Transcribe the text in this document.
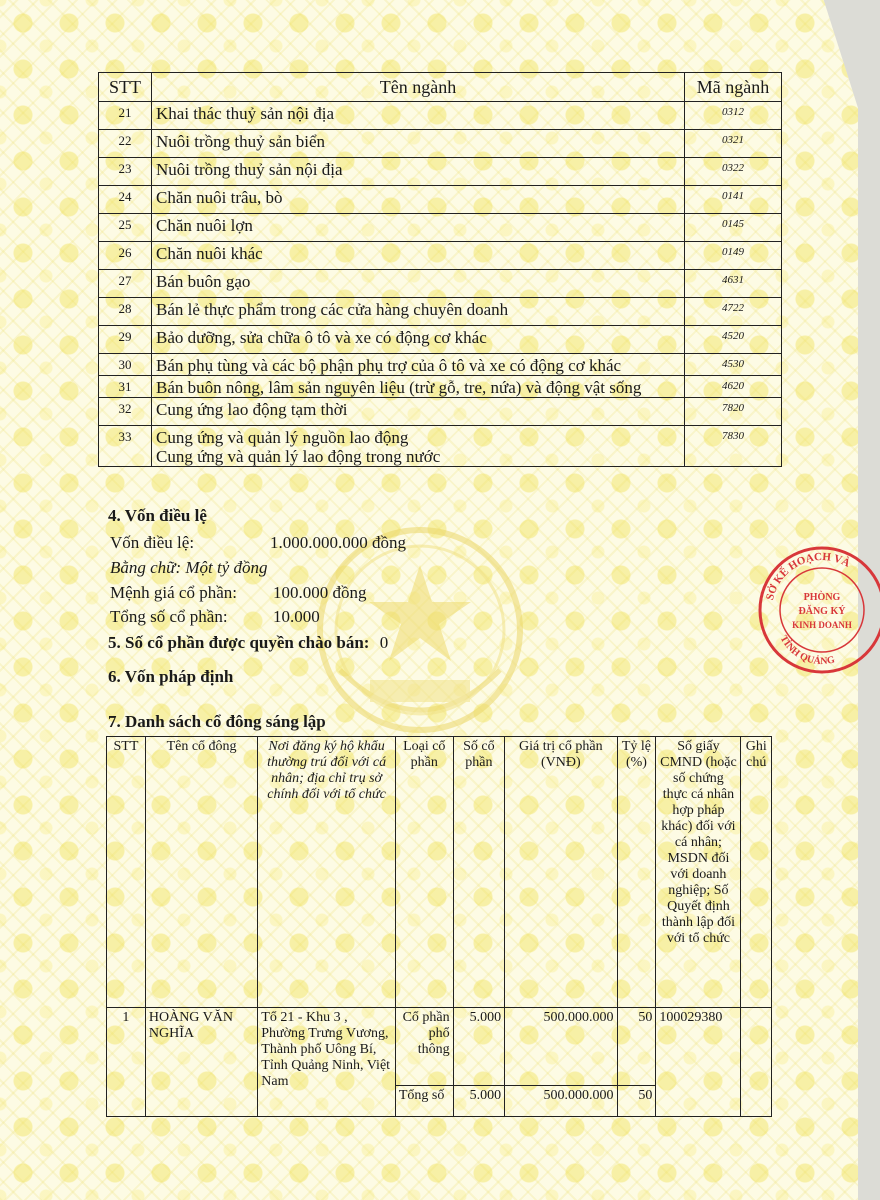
STT	Tên ngành	Mã ngành
21	Khai thác thuỷ sản nội địa	0312
22	Nuôi trồng thuỷ sản biển	0321
23	Nuôi trồng thuỷ sản nội địa	0322
24	Chăn nuôi trâu, bò	0141
25	Chăn nuôi lợn	0145
26	Chăn nuôi khác	0149
27	Bán buôn gạo	4631
28	Bán lẻ thực phẩm trong các cửa hàng chuyên doanh	4722
29	Bảo dưỡng, sửa chữa ô tô và xe có động cơ khác	4520
30	Bán phụ tùng và các bộ phận phụ trợ của ô tô và xe có động cơ khác	4530
31	Bán buôn nông, lâm sản nguyên liệu (trừ gỗ, tre, nứa) và động vật sống	4620
32	Cung ứng lao động tạm thời	7820
33	Cung ứng và quản lý nguồn lao động
Cung ứng và quản lý lao động trong nước	7830

4. Vốn điều lệ

Vốn điều lệ:	1.000.000.000 đồng
Bằng chữ: Một tỷ đồng
Mệnh giá cổ phần: 100.000 đồng
Tổng số cổ phần:	10.000

5. Số cổ phần được quyền chào bán: 0

6. Vốn pháp định

7. Danh sách cổ đông sáng lập

STT	Tên cổ đông	Nơi đăng ký hộ khẩu thường trú đối với cá nhân; địa chỉ trụ sở chính đối với tổ chức	Loại cổ phần	Số cổ phần	Giá trị cổ phần (VNĐ)	Tỷ lệ (%)	Số giấy CMND (hoặc số chứng thực cá nhân hợp pháp khác) đối với cá nhân; MSDN đối với doanh nghiệp; Số Quyết định thành lập đối với tổ chức	Ghi chú
1	HOÀNG VĂN NGHĨA	Tổ 21 - Khu 3 , Phường Trưng Vương, Thành phố Uông Bí, Tỉnh Quảng Ninh, Việt Nam	Cổ phần phổ thông	5.000	500.000.000	50	100029380	
			Tổng số	5.000	500.000.000	50		
SỞ KẾ HOẠCH VÀ
TỈNH QUẢNG
PHÒNG
ĐĂNG KÝ
KINH DOANH
